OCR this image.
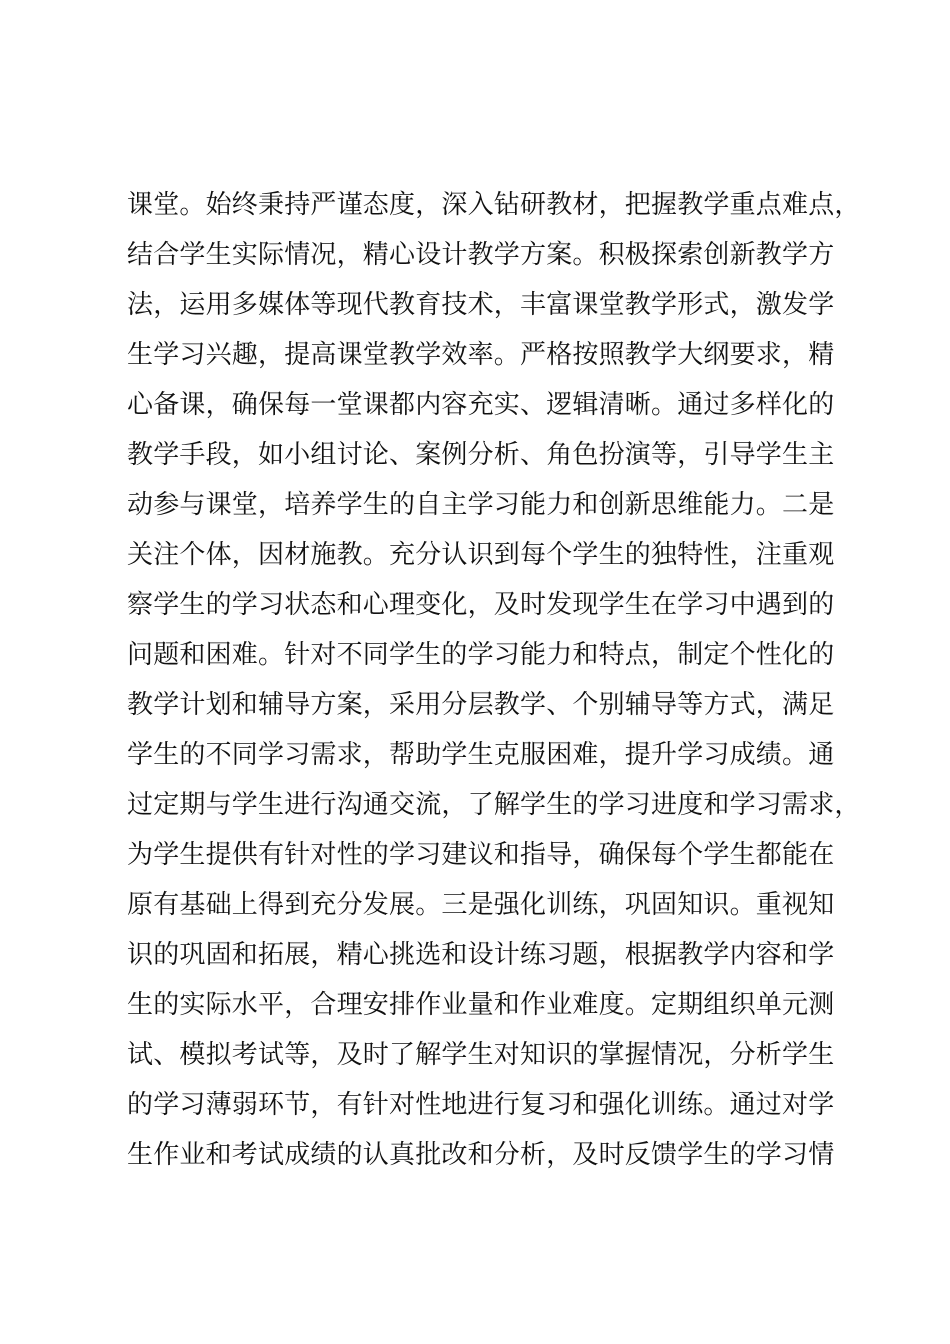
课堂。始终秉持严谨态度，深入钻研教材，把握教学重点难点，
结合学生实际情况，精心设计教学方案。积极探索创新教学方
法，运用多媒体等现代教育技术，丰富课堂教学形式，激发学
生学习兴趣，提高课堂教学效率。严格按照教学大纲要求，精
心备课，确保每一堂课都内容充实、逻辑清晰。通过多样化的
教学手段，如小组讨论、案例分析、角色扮演等，引导学生主
动参与课堂，培养学生的自主学习能力和创新思维能力。二是
关注个体，因材施教。充分认识到每个学生的独特性，注重观
察学生的学习状态和心理变化，及时发现学生在学习中遇到的
问题和困难。针对不同学生的学习能力和特点，制定个性化的
教学计划和辅导方案，采用分层教学、个别辅导等方式，满足
学生的不同学习需求，帮助学生克服困难，提升学习成绩。通
过定期与学生进行沟通交流，了解学生的学习进度和学习需求，
为学生提供有针对性的学习建议和指导，确保每个学生都能在
原有基础上得到充分发展。三是强化训练，巩固知识。重视知
识的巩固和拓展，精心挑选和设计练习题，根据教学内容和学
生的实际水平，合理安排作业量和作业难度。定期组织单元测
试、模拟考试等，及时了解学生对知识的掌握情况，分析学生
的学习薄弱环节，有针对性地进行复习和强化训练。通过对学
生作业和考试成绩的认真批改和分析，及时反馈学生的学习情
